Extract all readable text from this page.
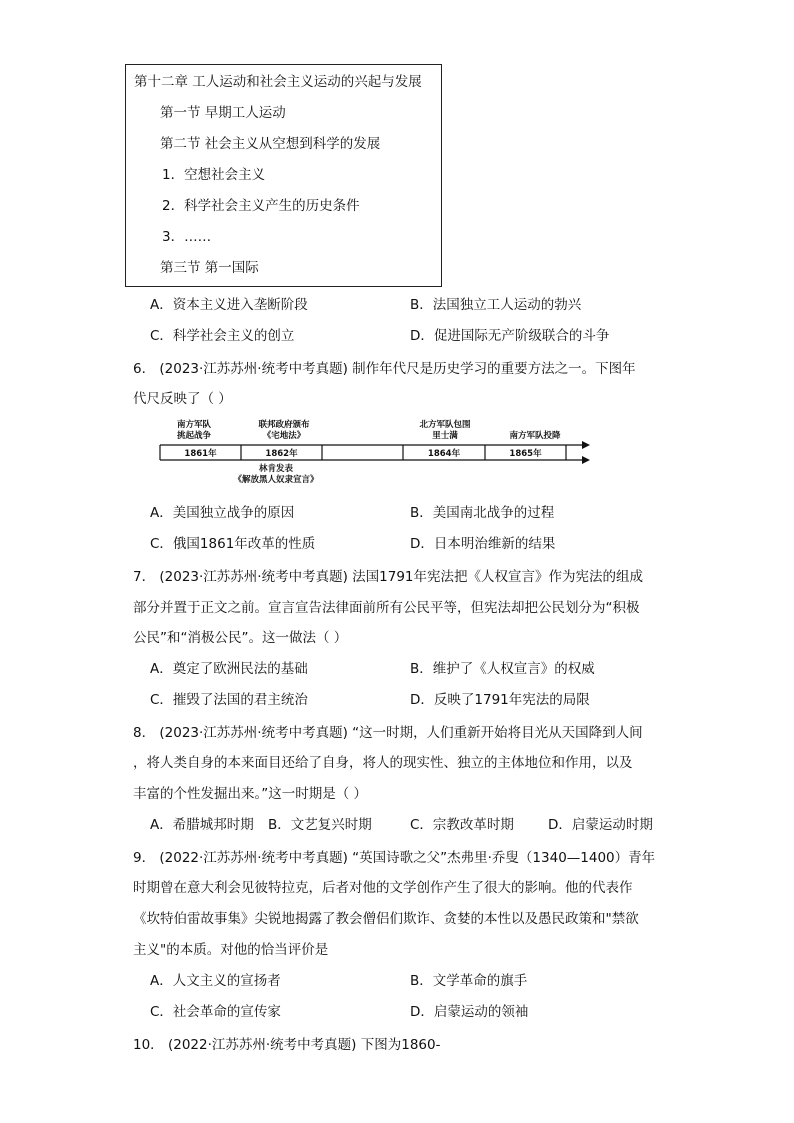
第十二章 工人运动和社会主义运动的兴起与发展
第一节 早期工人运动
第二节 社会主义从空想到科学的发展
1．空想社会主义
2．科学社会主义产生的历史条件
3．……
第三节 第一国际
A．资本主义进入垄断阶段	B．法国独立工人运动的勃兴
C．科学社会主义的创立	D．促进国际无产阶级联合的斗争
6． (2023·江苏苏州·统考中考真题) 制作年代尺是历史学习的重要方法之一。下图年
代尺反映了（ ）
南方军队
挑起战争
联邦政府颁布
《宅地法》
北方军队包围
里士满	南方军队投降
1861年	1862年	1864年	1865年
林肯发表
《解放黑人奴隶宣言》
A．美国独立战争的原因	B．美国南北战争的过程
C．俄国1861年改革的性质	D．日本明治维新的结果
7． (2023·江苏苏州·统考中考真题) 法国1791年宪法把《人权宣言》作为宪法的组成
部分并置于正文之前。宣言宣告法律面前所有公民平等，但宪法却把公民划分为“积极
公民”和“消极公民”。这一做法（ ）
A．奠定了欧洲民法的基础	B．维护了《人权宣言》的权威
C．摧毁了法国的君主统治	D．反映了1791年宪法的局限
8． (2023·江苏苏州·统考中考真题) “这一时期，人们重新开始将目光从天国降到人间
，将人类自身的本来面目还给了自身，将人的现实性、独立的主体地位和作用，以及
丰富的个性发掘出来。”这一时期是（ ）
A．希腊城邦时期 B．文艺复兴时期	C．宗教改革时期	D．启蒙运动时期
9． (2022·江苏苏州·统考中考真题) “英国诗歌之父”杰弗里·乔叟（1340—1400）青年
时期曾在意大利会见彼特拉克，后者对他的文学创作产生了很大的影响。他的代表作
《坎特伯雷故事集》尖锐地揭露了教会僧侣们欺诈、贪婪的本性以及愚民政策和"禁欲
主义"的本质。对他的恰当评价是
A．人文主义的宣扬者	B．文学革命的旗手
C．社会革命的宣传家	D．启蒙运动的领袖
10． (2022·江苏苏州·统考中考真题) 下图为1860-
